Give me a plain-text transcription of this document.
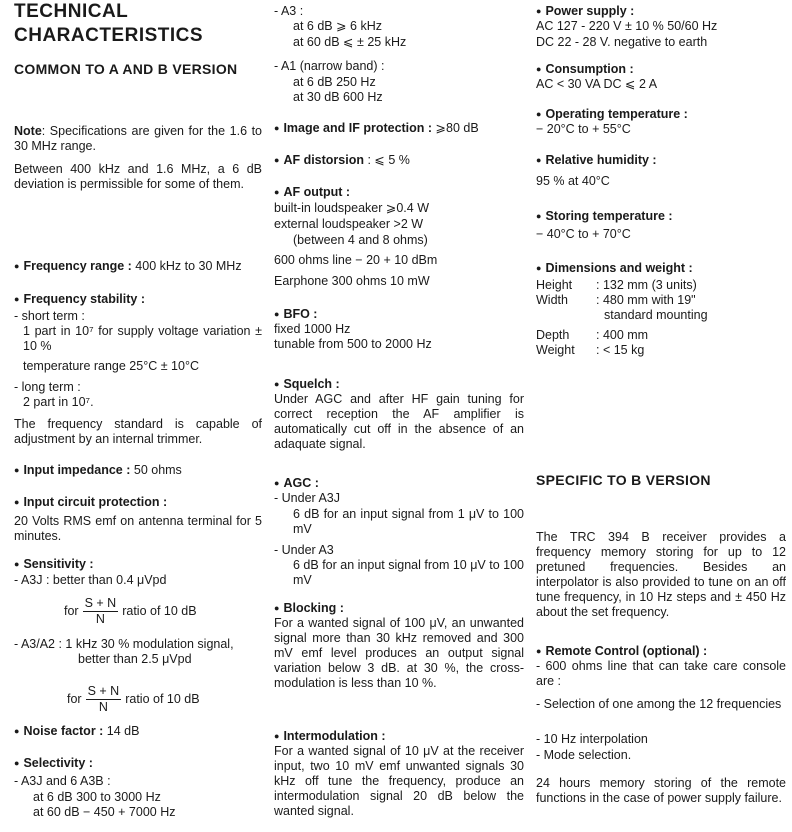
TECHNICAL

CHARACTERISTICS

COMMON TO A AND B VERSION

Note: Specifications are given for the 1.6 to 30 MHz range.

Between 400 kHz and 1.6 MHz, a 6 dB deviation is permissible for some of them.

● Frequency range : 400 kHz to 30 MHz

● Frequency stability :

- short term :

1 part in 10⁷ for supply voltage variation ± 10 %

temperature range 25°C ± 10°C

- long term :

2 part in 10⁷.

The frequency standard is capable of adjustment by an internal trimmer.

● Input impedance : 50 ohms

● Input circuit protection :

20 Volts RMS emf on antenna terminal for 5 minutes.

● Sensitivity :

- A3J : better than 0.4 μVpd

for $\frac{S + N}{N}$ ratio of 10 dB

- A3/A2 : 1 kHz 30 % modulation signal,

better than 2.5 μVpd

for $\frac{S + N}{N}$ ratio of 10 dB

● Noise factor : 14 dB

● Selectivity :

- A3J and 6 A3B :

at 6 dB 300 to 3000 Hz

at 60 dB − 450 + 7000 Hz

- A3 :

at 6 dB ⩾ 6 kHz

at 60 dB ⩽ ± 25 kHz

- A1 (narrow band) :

at 6 dB 250 Hz

at 30 dB 600 Hz

● Image and IF protection : ⩾80 dB

● AF distorsion : ⩽ 5 %

● AF output :

built-in loudspeaker ⩾0.4 W

external loudspeaker >2 W

(between 4 and 8 ohms)

600 ohms line − 20 + 10 dBm

Earphone 300 ohms 10 mW

● BFO :

fixed 1000 Hz

tunable from 500 to 2000 Hz

● Squelch :

Under AGC and after HF gain tuning for correct reception the AF amplifier is automatically cut off in the absence of an adaquate signal.

● AGC :

- Under A3J

6 dB for an input signal from 1 μV to 100 mV

- Under A3

6 dB for an input signal from 10 μV to 100 mV

● Blocking :

For a wanted signal of 100 μV, an unwanted signal more than 30 kHz removed and 300 mV emf level produces an output signal variation below 3 dB. at 30 %, the cross-modulation is less than 10 %.

● Intermodulation :

For a wanted signal of 10 μV at the receiver input, two 10 mV emf unwanted signals 30 kHz off tune the frequency, produce an intermodulation signal 20 dB below the wanted signal.

● Power supply :

AC 127 - 220 V ± 10 % 50/60 Hz

DC 22 - 28 V. negative to earth

● Consumption :

AC < 30 VA DC ⩽ 2 A

● Operating temperature :

− 20°C to + 55°C

● Relative humidity :

95 % at 40°C

● Storing temperature :

− 40°C to + 70°C

● Dimensions and weight :

Height	: 132 mm (3 units)
Width	: 480 mm with 19"

standard mounting

Depth	: 400 mm
Weight	: < 15 kg

SPECIFIC TO B VERSION

The TRC 394 B receiver provides a frequency memory storing for up to 12 pretuned frequencies. Besides an interpolator is also provided to tune on an off tune frequency, in 10 Hz steps and ± 450 Hz about the set frequency.

● Remote Control (optional) :

- 600 ohms line that can take care console are :

- Selection of one among the 12 frequencies

- 10 Hz interpolation

- Mode selection.

24 hours memory storing of the remote functions in the case of power supply failure.
